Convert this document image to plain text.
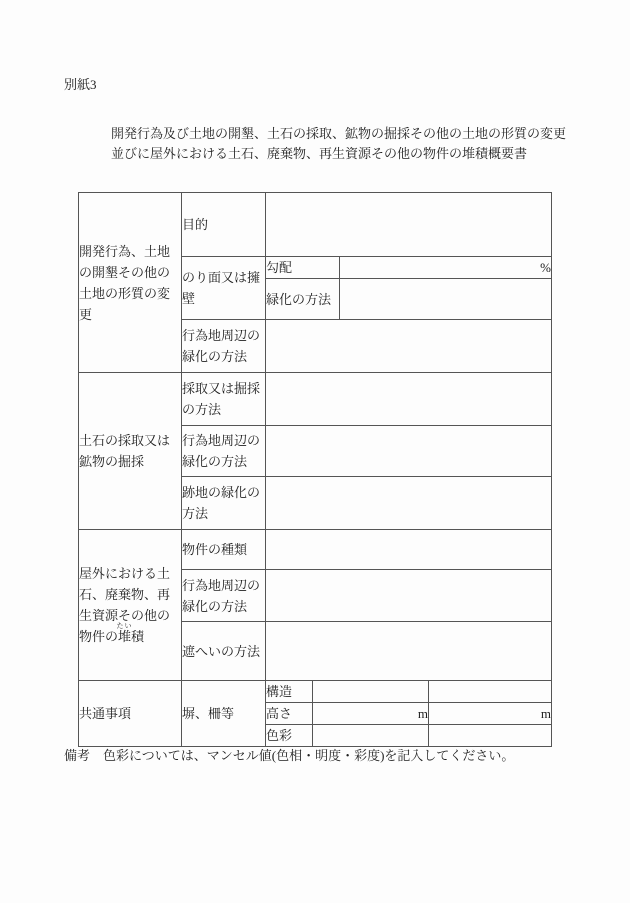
別紙3
開発行為及び土地の開墾、土石の採取、鉱物の掘採その他の土地の形質の変更
並びに屋外における土石、廃棄物、再生資源その他の物件の堆積概要書
開発行為、土地
の開墾その他の
土地の形質の変
更	目的				

	のり面又は擁
壁	勾配		%	
		緑化の方法			

	行為地周辺の
緑化の方法				

土石の採取又は
鉱物の掘採	採取又は掘採
の方法				

	行為地周辺の
緑化の方法				

	跡地の緑化の
方法				

屋外における土
石、廃棄物、再
生資源その他の
物件の堆たい積	物件の種類				

	行為地周辺の
緑化の方法				

	遮へいの方法				

共通事項	塀、柵等	構造			
		高さ	m		m
		色彩			
備考　色彩については、マンセル値(色相・明度・彩度)を記入してください。
